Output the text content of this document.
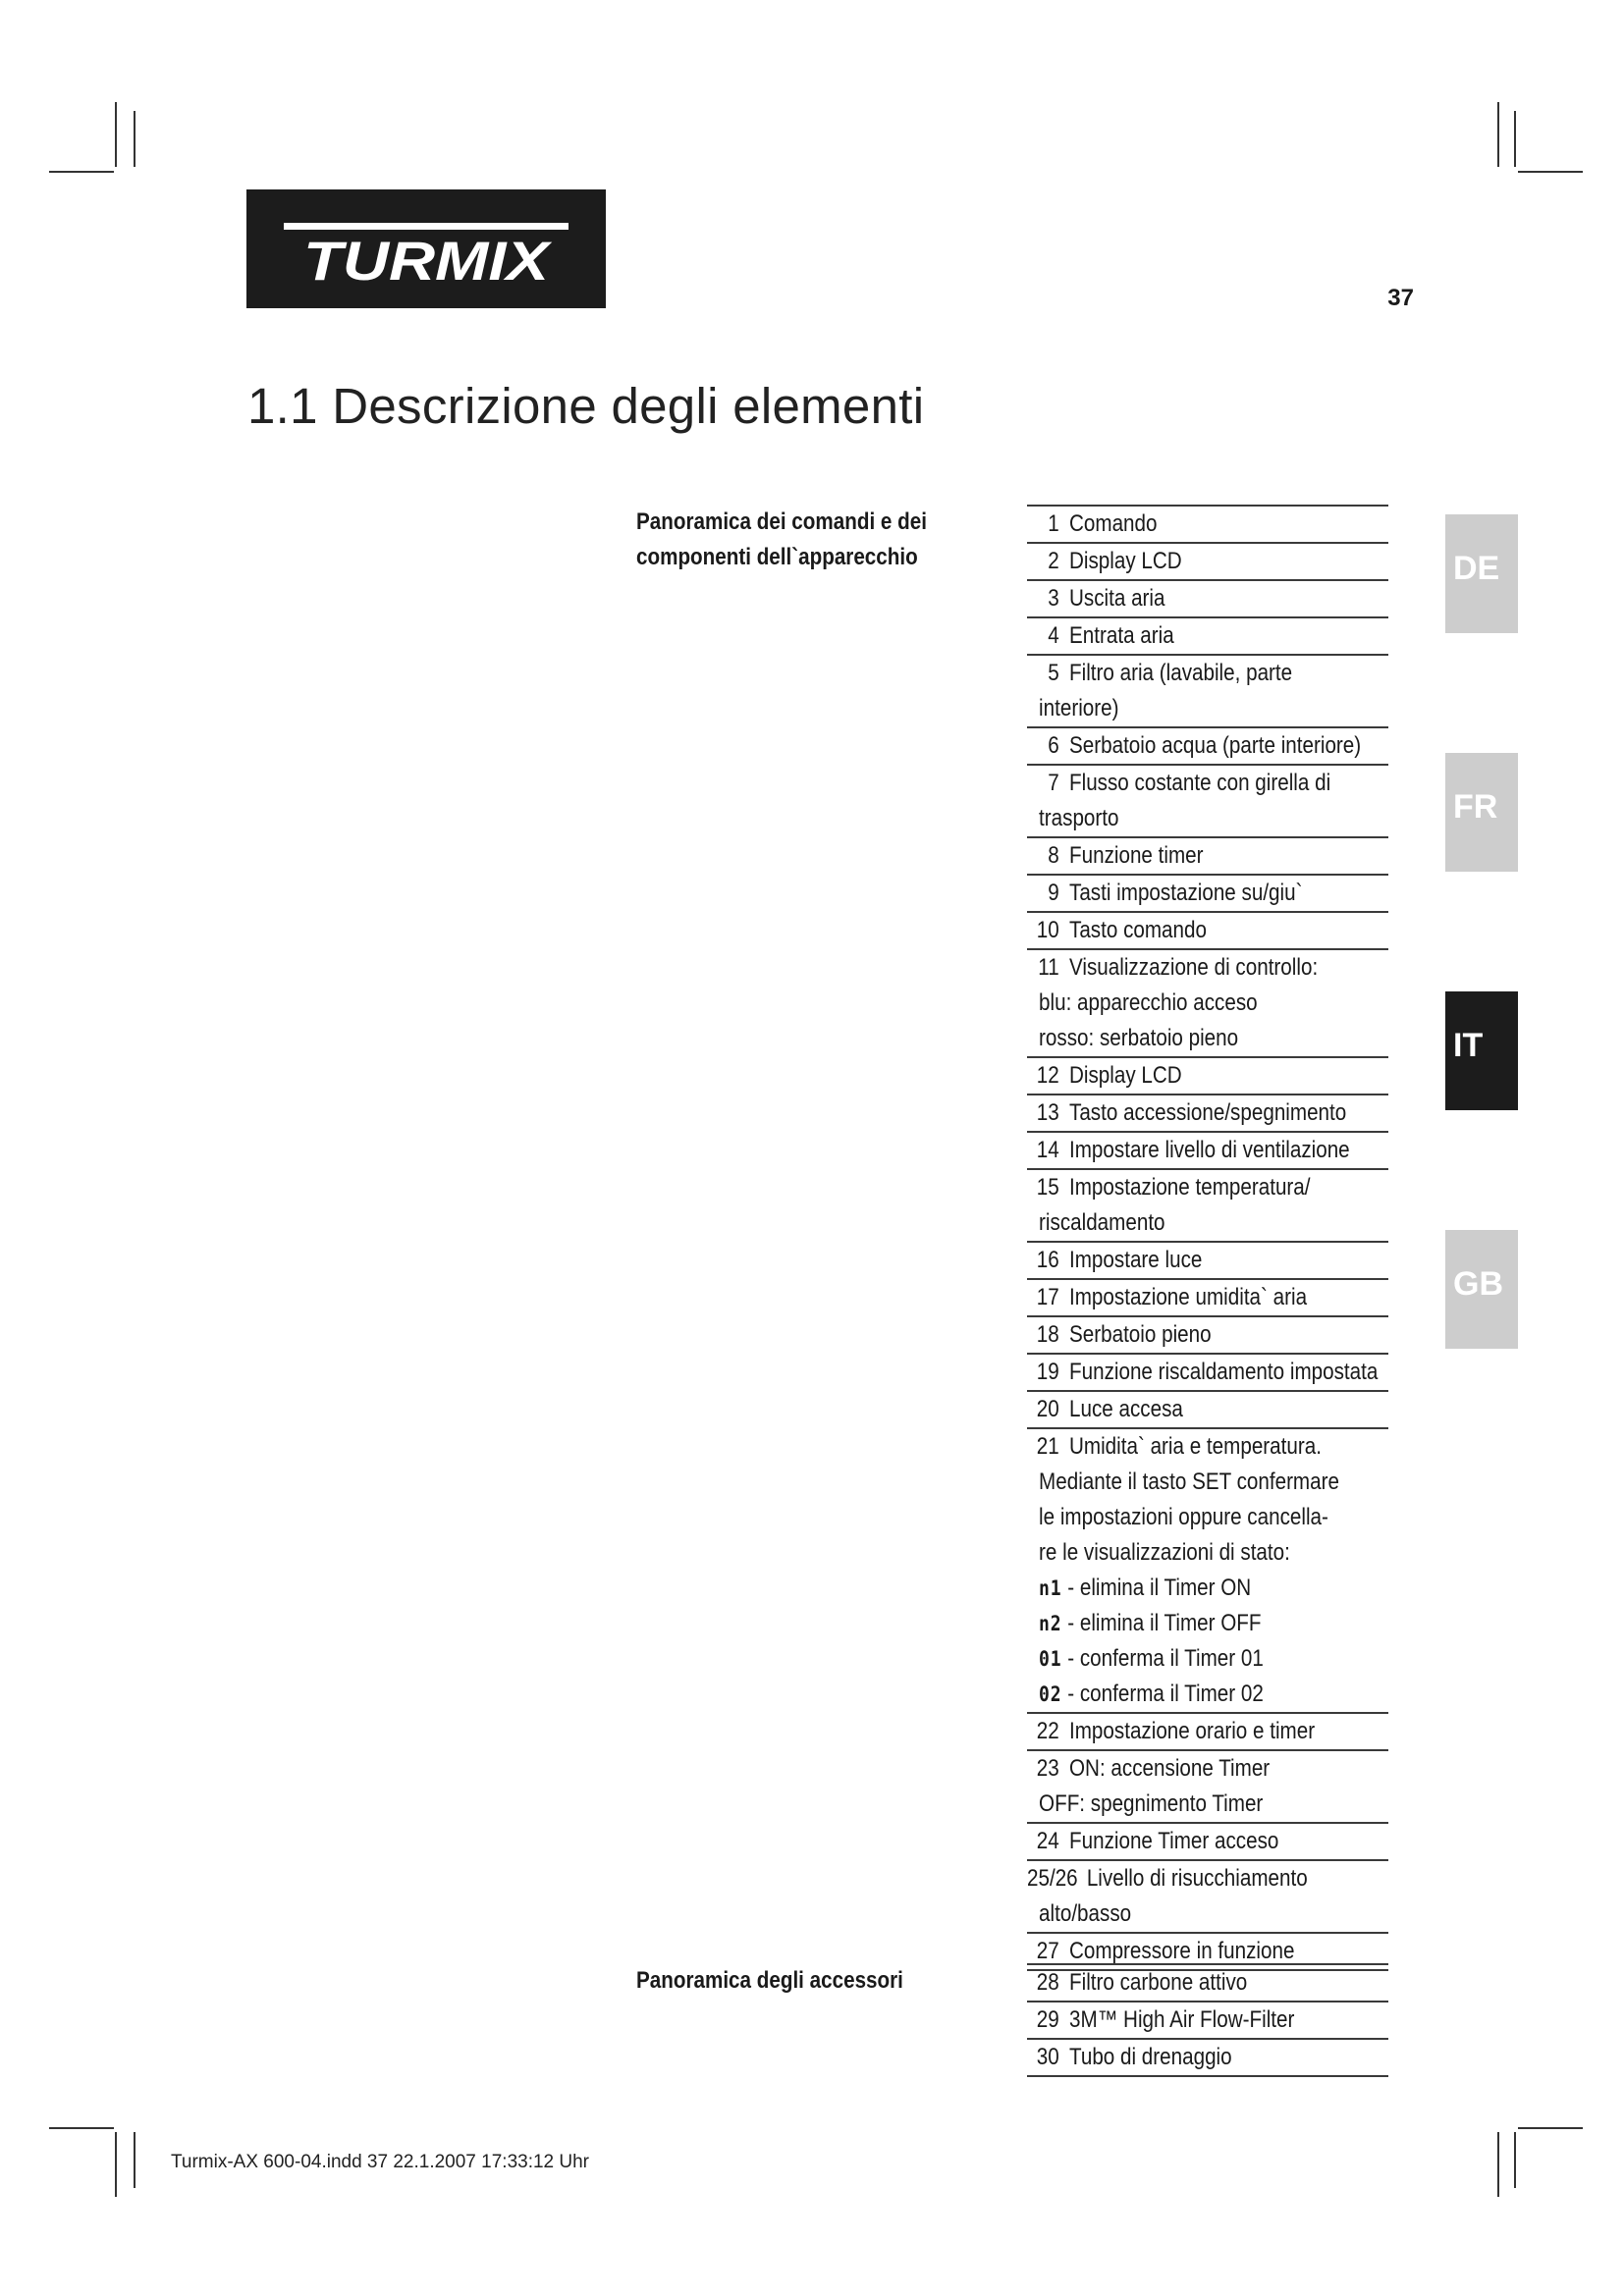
TURMIX
37
1.1 Descrizione degli elementi
DE
FR
IT
GB
Panoramica dei comandi e dei
componenti dell`apparecchio
1 Comando
2 Display LCD
3 Uscita aria
4 Entrata aria
5 Filtro aria (lavabile, parte
interiore)
6 Serbatoio acqua (parte interiore)
7 Flusso costante con girella di
trasporto
8 Funzione timer
9 Tasti impostazione su/giu`
10 Tasto comando
11 Visualizzazione di controllo:
blu: apparecchio acceso
rosso: serbatoio pieno
12 Display LCD
13 Tasto accessione/spegnimento
14 Impostare livello di ventilazione
15 Impostazione temperatura/
riscaldamento
16 Impostare luce
17 Impostazione umidita` aria
18 Serbatoio pieno
19 Funzione riscaldamento impostata
20 Luce accesa
21 Umidita` aria e temperatura.
Mediante il tasto SET confermare
le impostazioni oppure cancella-
re le visualizzazioni di stato:
n1 - elimina il Timer ON
n2 - elimina il Timer OFF
01 - conferma il Timer 01
02 - conferma il Timer 02
22 Impostazione orario e timer
23 ON: accensione Timer
OFF: spegnimento Timer
24 Funzione Timer acceso
25/26 Livello di risucchiamento
alto/basso
27 Compressore in funzione
Panoramica degli accessori	28 Filtro carbone attivo
29 3M™ High Air Flow-Filter
30 Tubo di drenaggio
Turmix-AX 600-04.indd 37 22.1.2007 17:33:12 Uhr
